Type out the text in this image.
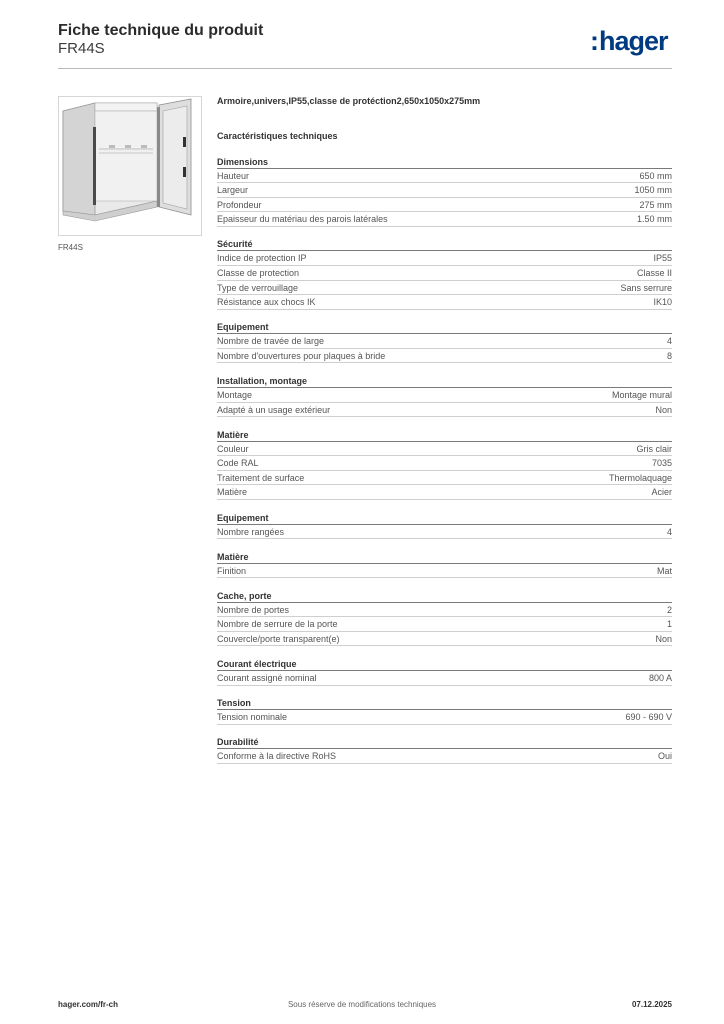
Fiche technique du produit
FR44S	:hager
FR44S
Armoire,univers,IP55,classe de protéction2,650x1050x275mm
Caractéristiques techniques
Dimensions
Hauteur	650 mm
Largeur	1050 mm
Profondeur	275 mm
Epaisseur du matériau des parois latérales	1.50 mm
Sécurité
Indice de protection IP	IP55
Classe de protection	Classe II
Type de verrouillage	Sans serrure
Résistance aux chocs IK	IK10
Equipement
Nombre de travée de large	4
Nombre d'ouvertures pour plaques à bride	8
Installation, montage
Montage	Montage mural
Adapté à un usage extérieur	Non
Matière
Couleur	Gris clair
Code RAL	7035
Traitement de surface	Thermolaquage
Matière	Acier
Equipement
Nombre rangées	4
Matière
Finition	Mat
Cache, porte
Nombre de portes	2
Nombre de serrure de la porte	1
Couvercle/porte transparent(e)	Non
Courant électrique
Courant assigné nominal	800 A
Tension
Tension nominale	690 - 690 V
Durabilité
Conforme à la directive RoHS	Oui
hager.com/fr-ch	Sous réserve de modifications techniques	07.12.2025
